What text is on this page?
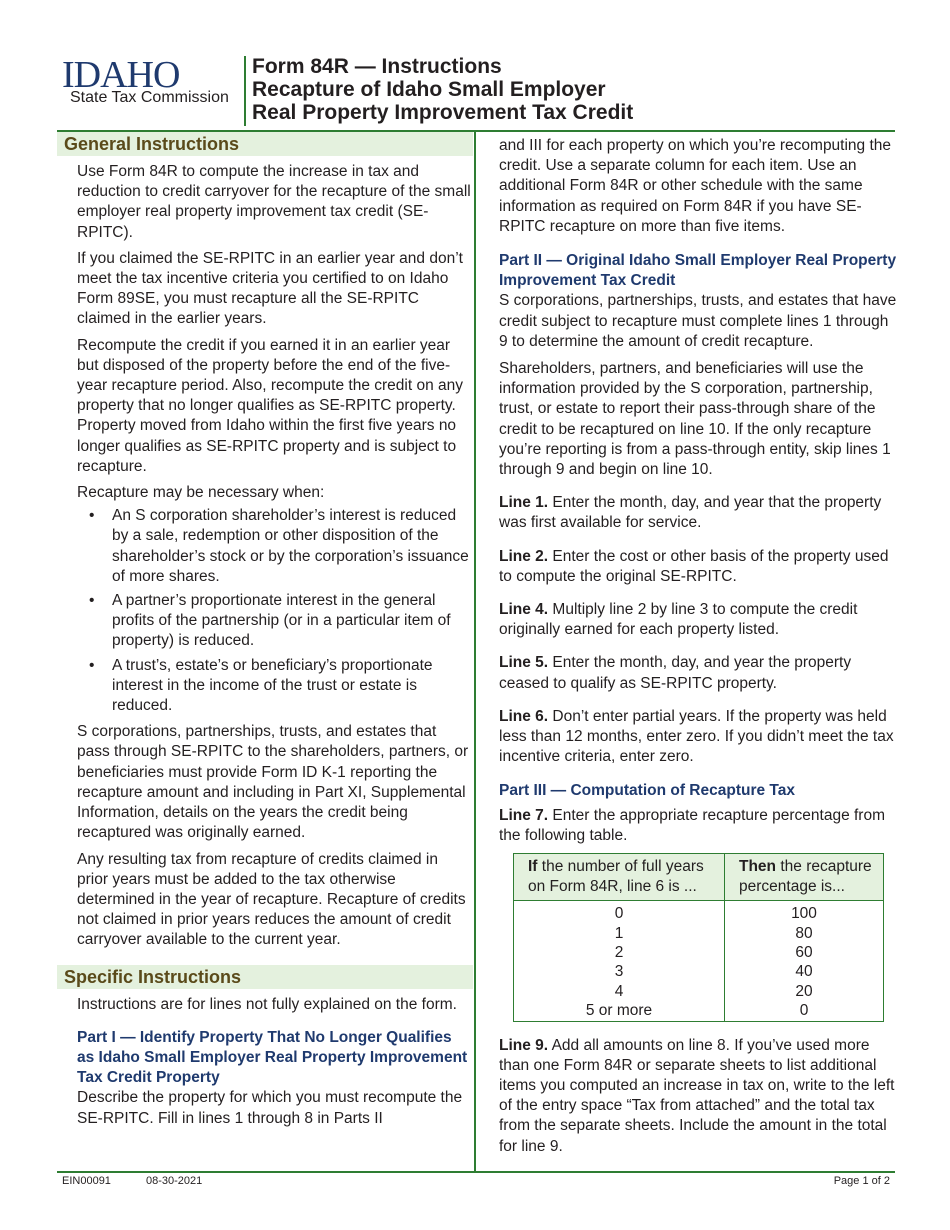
IDAHO
State Tax Commission
Form 84R — Instructions
Recapture of Idaho Small Employer
Real Property Improvement Tax Credit
General Instructions

Use Form 84R to compute the increase in tax and reduction to credit carryover for the recapture of the small employer real property improvement tax credit (SE-RPITC).

If you claimed the SE-RPITC in an earlier year and don’t meet the tax incentive criteria you certified to on Idaho Form 89SE, you must recapture all the SE-RPITC claimed in the earlier years.

Recompute the credit if you earned it in an earlier year but disposed of the property before the end of the five-year recapture period. Also, recompute the credit on any property that no longer qualifies as SE-RPITC property. Property moved from Idaho within the first five years no longer qualifies as SE-RPITC property and is subject to recapture.

Recapture may be necessary when:

• An S corporation shareholder’s interest is reduced by a sale, redemption or other disposition of the shareholder’s stock or by the corporation’s issuance of more shares.
• A partner’s proportionate interest in the general profits of the partnership (or in a particular item of property) is reduced.
• A trust’s, estate’s or beneficiary’s proportionate interest in the income of the trust or estate is reduced.

S corporations, partnerships, trusts, and estates that pass through SE-RPITC to the shareholders, partners, or beneficiaries must provide Form ID K-1 reporting the recapture amount and including in Part XI, Supplemental Information, details on the years the credit being recaptured was originally earned.

Any resulting tax from recapture of credits claimed in prior years must be added to the tax otherwise determined in the year of recapture. Recapture of credits not claimed in prior years reduces the amount of credit carryover available to the current year.

Specific Instructions

Instructions are for lines not fully explained on the form.

Part I — Identify Property That No Longer Qualifies as Idaho Small Employer Real Property Improvement Tax Credit Property

Describe the property for which you must recompute the SE-RPITC. Fill in lines 1 through 8 in Parts II

and III for each property on which you’re recomputing the credit. Use a separate column for each item. Use an additional Form 84R or other schedule with the same information as required on Form 84R if you have SE-RPITC recapture on more than five items.

Part II — Original Idaho Small Employer Real Property Improvement Tax Credit

S corporations, partnerships, trusts, and estates that have credit subject to recapture must complete lines 1 through 9 to determine the amount of credit recapture.

Shareholders, partners, and beneficiaries will use the information provided by the S corporation, partnership, trust, or estate to report their pass-through share of the credit to be recaptured on line 10. If the only recapture you’re reporting is from a pass-through entity, skip lines 1 through 9 and begin on line 10.

Line 1. Enter the month, day, and year that the property was first available for service.

Line 2. Enter the cost or other basis of the property used to compute the original SE-RPITC.

Line 4. Multiply line 2 by line 3 to compute the credit originally earned for each property listed.

Line 5. Enter the month, day, and year the property ceased to qualify as SE-RPITC property.

Line 6. Don’t enter partial years. If the property was held less than 12 months, enter zero. If you didn’t meet the tax incentive criteria, enter zero.

Part III — Computation of Recapture Tax

Line 7. Enter the appropriate recapture percentage from the following table.

If the number of full years on Form 84R, line 6 is ...	Then the recapture percentage is...
0	100
1	80
2	60
3	40
4	20
5 or more	0

Line 9. Add all amounts on line 8. If you’ve used more than one Form 84R or separate sheets to list additional items you computed an increase in tax on, write to the left of the entry space “Tax from attached” and the total tax from the separate sheets. Include the amount in the total for line 9.

EIN00091	08-30-2021	Page 1 of 2
